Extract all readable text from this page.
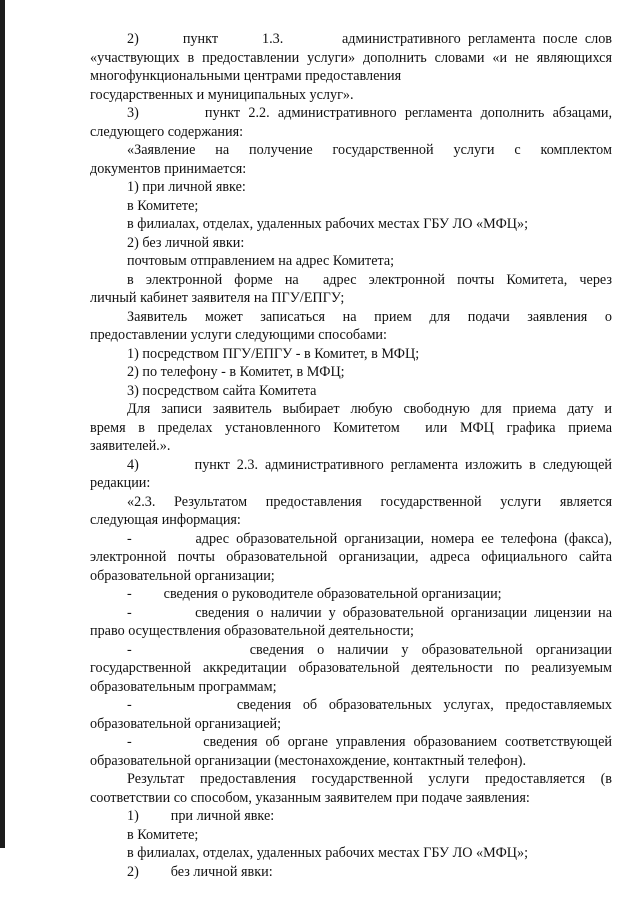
2)      пункт      1.3.        административного регламента после слов «участвующих в предоставлении услуги» дополнить словами «и не являющихся многофункциональными центрами предоставления

государственных и муниципальных услуг».

3)        пункт 2.2. административного регламента дополнить абзацами,

следующего содержания:

«Заявление на получение государственной услуги с комплектом

документов принимается:

1) при личной явке:

в Комитете;

в филиалах, отделах, удаленных рабочих местах ГБУ ЛО «МФЦ»;

2) без личной явки:

почтовым отправлением на адрес Комитета;

в электронной форме на  адрес электронной почты Комитета, через

личный кабинет заявителя на ПГУ/ЕПГУ;

Заявитель может записаться на прием для подачи заявления о

предоставлении услуги следующими способами:

1) посредством ПГУ/ЕПГУ - в Комитет, в МФЦ;

2) по телефону - в Комитет, в МФЦ;

3) посредством сайта Комитета

Для записи заявитель выбирает любую свободную для приема дату и

время в пределах установленного Комитетом  или МФЦ графика приема

заявителей.».

4)        пункт 2.3. административного регламента изложить в следующей

редакции:

«2.3. Результатом предоставления государственной услуги является

следующая информация:

-         адрес образовательной организации, номера ее телефона (факса),

электронной почты образовательной организации, адреса официального сайта

образовательной организации;

-         сведения о руководителе образовательной организации;

-         сведения о наличии у образовательной организации лицензии на

право осуществления образовательной деятельности;

-         сведения о наличии у образовательной организации

государственной аккредитации образовательной деятельности по реализуемым

образовательным программам;

-         сведения об образовательных услугах, предоставляемых

образовательной организацией;

-         сведения об органе управления образованием соответствующей

образовательной организации (местонахождение, контактный телефон).

Результат предоставления государственной услуги предоставляется (в

соответствии со способом, указанным заявителем при подаче заявления:

1)         при личной явке:

в Комитете;

в филиалах, отделах, удаленных рабочих местах ГБУ ЛО «МФЦ»;

2)         без личной явки:
